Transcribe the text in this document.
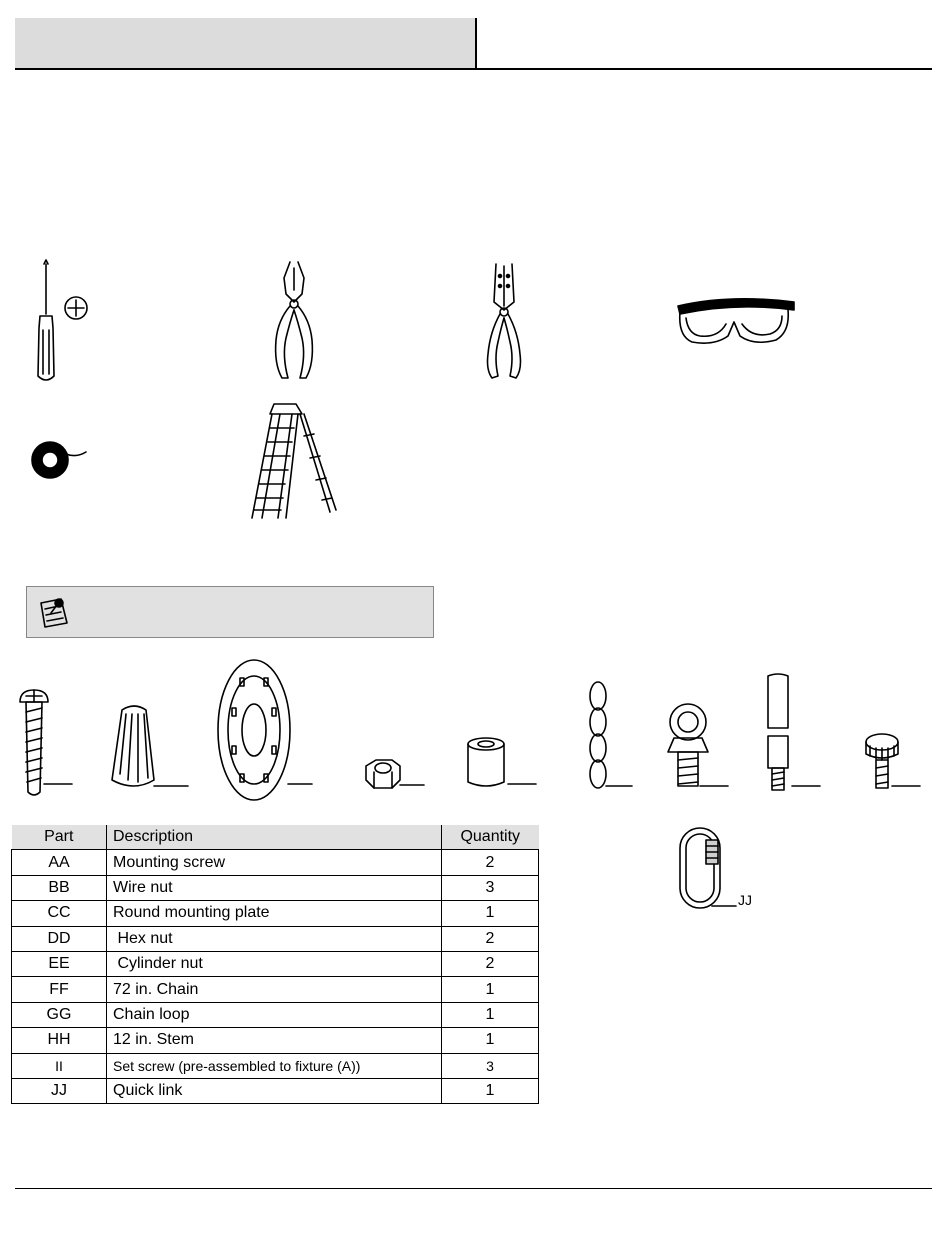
Part	Description	Quantity
AA	Mounting screw	2
BB	Wire nut	3
CC	Round mounting plate	1
DD	Hex nut	2
EE	Cylinder nut	2
FF	72 in. Chain	1
GG	Chain loop	1
HH	12 in. Stem	1
II	Set screw (pre-assembled to fixture (A))	3
JJ	Quick link	1
JJ
